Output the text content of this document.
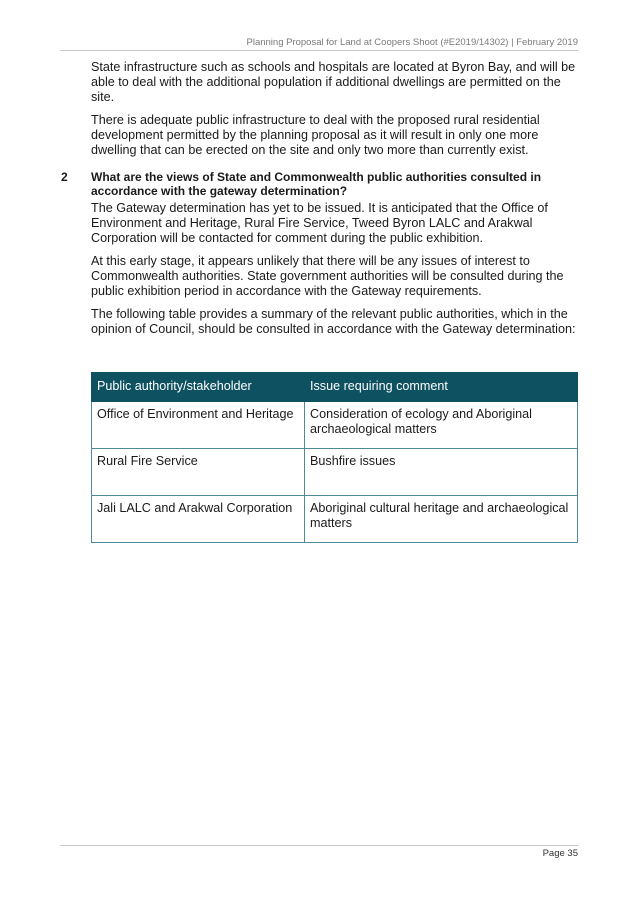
Planning Proposal for Land at Coopers Shoot (#E2019/14302) | February 2019

State infrastructure such as schools and hospitals are located at Byron Bay, and will be able to deal with the additional population if additional dwellings are permitted on the site.

There is adequate public infrastructure to deal with the proposed rural residential development permitted by the planning proposal as it will result in only one more dwelling that can be erected on the site and only two more than currently exist.

2 What are the views of State and Commonwealth public authorities consulted in accordance with the gateway determination?

The Gateway determination has yet to be issued. It is anticipated that the Office of Environment and Heritage, Rural Fire Service, Tweed Byron LALC and Arakwal Corporation will be contacted for comment during the public exhibition.

At this early stage, it appears unlikely that there will be any issues of interest to Commonwealth authorities. State government authorities will be consulted during the public exhibition period in accordance with the Gateway requirements.

The following table provides a summary of the relevant public authorities, which in the opinion of Council, should be consulted in accordance with the Gateway determination:

Public authority/stakeholder	Issue requiring comment
Office of Environment and Heritage	Consideration of ecology and Aboriginal archaeological matters
Rural Fire Service	Bushfire issues
Jali LALC and Arakwal Corporation	Aboriginal cultural heritage and archaeological matters
Page 35
